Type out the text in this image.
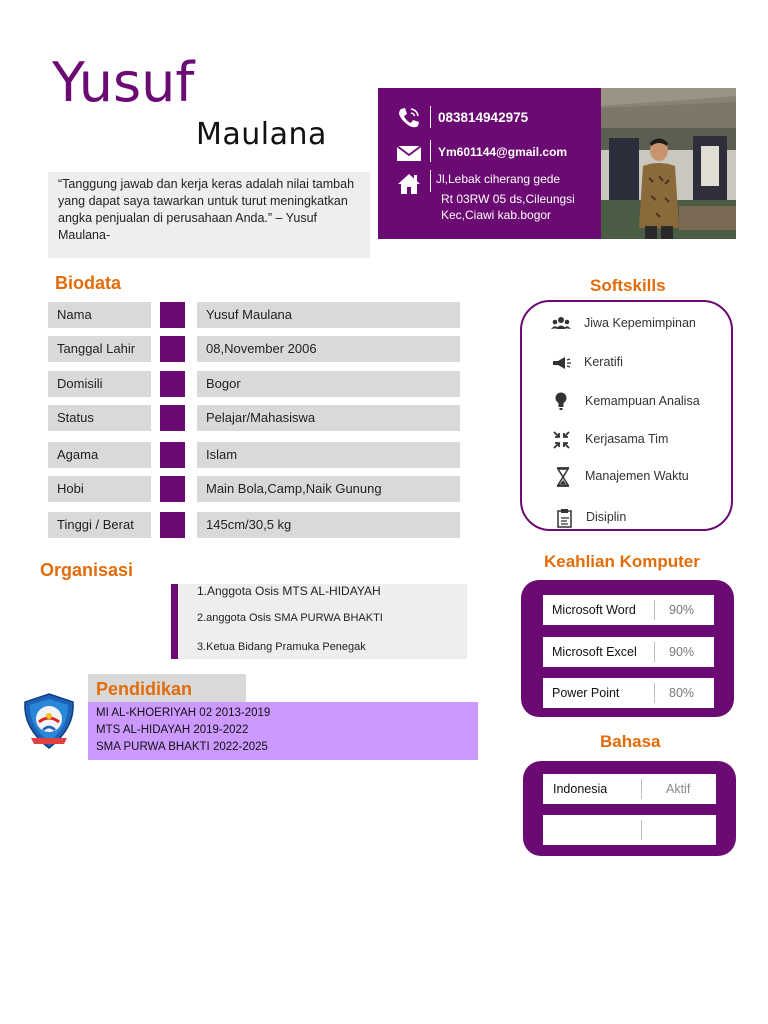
Yusuf
Maulana
“Tanggung jawab dan kerja keras adalah nilai tambah yang dapat saya tawarkan untuk turut meningkatkan angka penjualan di perusahaan Anda.” – Yusuf Maulana-
083814942975
Ym601144@gmail.com
Jl,Lebak ciherang gede
Rt 03RW 05 ds,Cileungsi
Kec,Ciawi kab.bogor
Biodata
Nama	Yusuf Maulana
Tanggal Lahir	08,November 2006
Domisili	Bogor
Status	Pelajar/Mahasiswa
Agama	Islam
Hobi	Main Bola,Camp,Naik Gunung
Tinggi / Berat	145cm/30,5 kg
Organisasi
1.Anggota Osis MTS AL-HIDAYAH
2.anggota Osis SMA PURWA BHAKTI
3.Ketua Bidang Pramuka Penegak
Pendidikan
MI AL-KHOERIYAH 02 2013-2019
MTS AL-HIDAYAH 2019-2022
SMA PURWA BHAKTI 2022-2025
Softskills
Jiwa Kepemimpinan
Keratifi
Kemampuan Analisa
Kerjasama Tim
Manajemen Waktu
Disiplin
Keahlian Komputer
Microsoft Word	90%
Microsoft Excel	90%
Power Point	80%
Bahasa
Indonesia	Aktif
